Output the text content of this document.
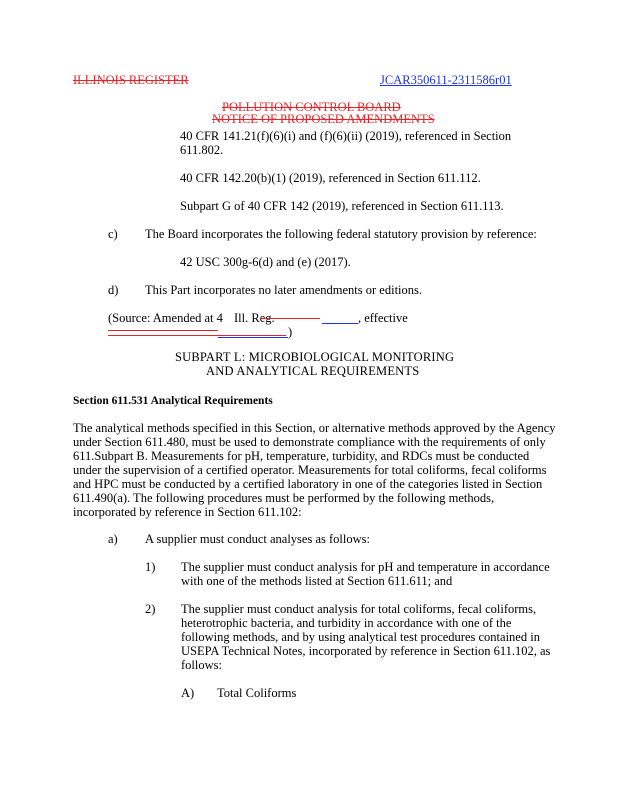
ILLINOIS REGISTER	JCAR350611-2311586r01
POLLUTION CONTROL BOARD
NOTICE OF PROPOSED AMENDMENTS
40 CFR 141.21(f)(6)(i) and (f)(6)(ii) (2019), referenced in Section
611.802.
40 CFR 142.20(b)(1) (2019), referenced in Section 611.112.
Subpart G of 40 CFR 142 (2019), referenced in Section 611.113.
c) The Board incorporates the following federal statutory provision by reference:
42 USC 300g-6(d) and (e) (2017).
d) This Part incorporates no later amendments or editions.
(Source: Amended at 4 Ill. Reg.	, effective
)
SUBPART L: MICROBIOLOGICAL MONITORING
AND ANALYTICAL REQUIREMENTS
Section 611.531 Analytical Requirements
The analytical methods specified in this Section, or alternative methods approved by the Agency
under Section 611.480, must be used to demonstrate compliance with the requirements of only
611.Subpart B. Measurements for pH, temperature, turbidity, and RDCs must be conducted
under the supervision of a certified operator. Measurements for total coliforms, fecal coliforms
and HPC must be conducted by a certified laboratory in one of the categories listed in Section
611.490(a). The following procedures must be performed by the following methods,
incorporated by reference in Section 611.102:
a) A supplier must conduct analyses as follows:
1) The supplier must conduct analysis for pH and temperature in accordance
with one of the methods listed at Section 611.611; and
2) The supplier must conduct analysis for total coliforms, fecal coliforms,
heterotrophic bacteria, and turbidity in accordance with one of the
following methods, and by using analytical test procedures contained in
USEPA Technical Notes, incorporated by reference in Section 611.102, as
follows:
A) Total Coliforms
